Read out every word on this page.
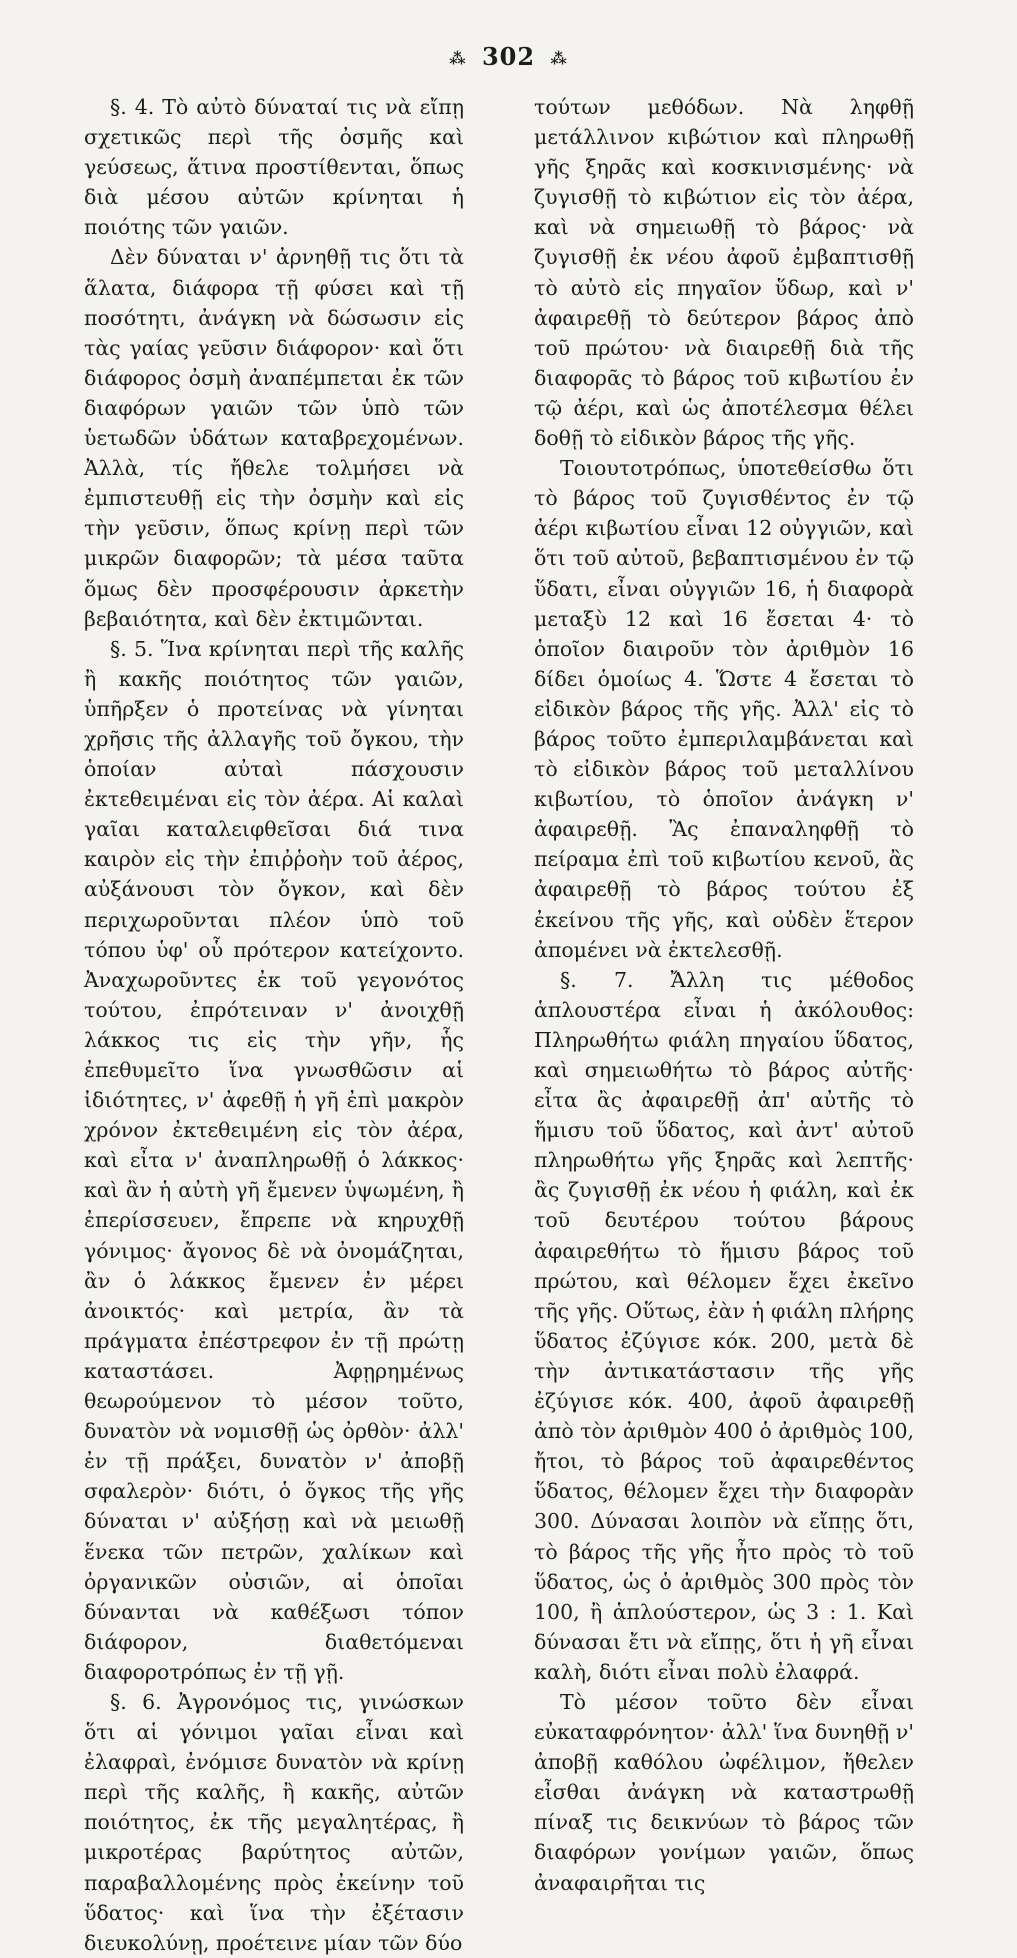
⁂ 302 ⁂

§. 4. Τὸ αὐτὸ δύναταί τις νὰ εἴπῃ σχετικῶς περὶ τῆς ὀσμῆς καὶ γεύσεως, ἅτινα προστίθενται, ὅπως διὰ μέσου αὐτῶν κρίνηται ἡ ποιότης τῶν γαιῶν.

Δὲν δύναται ν' ἀρνηθῇ τις ὅτι τὰ ἅλατα, διάφορα τῇ φύσει καὶ τῇ ποσότητι, ἀνάγκη νὰ δώσωσιν εἰς τὰς γαίας γεῦσιν διάφορον· καὶ ὅτι διάφορος ὀσμὴ ἀναπέμπεται ἐκ τῶν διαφόρων γαιῶν τῶν ὑπὸ τῶν ὑετωδῶν ὑδάτων καταβρεχομένων. Ἀλλὰ, τίς ἤθελε τολμήσει νὰ ἐμπιστευθῇ εἰς τὴν ὀσμὴν καὶ εἰς τὴν γεῦσιν, ὅπως κρίνῃ περὶ τῶν μικρῶν διαφορῶν; τὰ μέσα ταῦτα ὅμως δὲν προσφέρουσιν ἀρκετὴν βεβαιότητα, καὶ δὲν ἐκτιμῶνται.

§. 5. Ἵνα κρίνηται περὶ τῆς καλῆς ἢ κακῆς ποιότητος τῶν γαιῶν, ὑπῆρξεν ὁ προτείνας νὰ γίνηται χρῆσις τῆς ἀλλαγῆς τοῦ ὄγκου, τὴν ὁποίαν αὐταὶ πάσχουσιν ἐκτεθειμέναι εἰς τὸν ἀέρα. Αἱ καλαὶ γαῖαι καταλειφθεῖσαι διά τινα καιρὸν εἰς τὴν ἐπιῤῥοὴν τοῦ ἀέρος, αὐξάνουσι τὸν ὄγκον, καὶ δὲν περιχωροῦνται πλέον ὑπὸ τοῦ τόπου ὑφ' οὗ πρότερον κατείχοντο. Ἀναχωροῦντες ἐκ τοῦ γεγονότος τούτου, ἐπρότειναν ν' ἀνοιχθῇ λάκκος τις εἰς τὴν γῆν, ἧς ἐπεθυμεῖτο ἵνα γνωσθῶσιν αἱ ἰδιότητες, ν' ἀφεθῇ ἡ γῆ ἐπὶ μακρὸν χρόνον ἐκτεθειμένη εἰς τὸν ἀέρα, καὶ εἶτα ν' ἀναπληρωθῇ ὁ λάκκος· καὶ ἂν ἡ αὐτὴ γῆ ἔμενεν ὑψωμένη, ἢ ἐπερίσσευεν, ἔπρεπε νὰ κηρυχθῇ γόνιμος· ἄγονος δὲ νὰ ὀνομάζηται, ἂν ὁ λάκκος ἔμενεν ἐν μέρει ἀνοικτός· καὶ μετρία, ἂν τὰ πράγματα ἐπέστρεφον ἐν τῇ πρώτῃ καταστάσει. Ἀφῃρημένως θεωρούμενον τὸ μέσον τοῦτο, δυνατὸν νὰ νομισθῇ ὡς ὀρθὸν· ἀλλ' ἐν τῇ πράξει, δυνατὸν ν' ἀποβῇ σφαλερὸν· διότι, ὁ ὄγκος τῆς γῆς δύναται ν' αὐξήσῃ καὶ νὰ μειωθῇ ἕνεκα τῶν πετρῶν, χαλίκων καὶ ὀργανικῶν οὐσιῶν, αἱ ὁποῖαι δύνανται νὰ καθέξωσι τόπον διάφορον, διαθετόμεναι διαφοροτρόπως ἐν τῇ γῇ.

§. 6. Ἀγρονόμος τις, γινώσκων ὅτι αἱ γόνιμοι γαῖαι εἶναι καὶ ἐλαφραὶ, ἐνόμισε δυνατὸν νὰ κρίνῃ περὶ τῆς καλῆς, ἢ κακῆς, αὐτῶν ποιότητος, ἐκ τῆς μεγαλητέρας, ἢ μικροτέρας βαρύτητος αὐτῶν, παραβαλλομένης πρὸς ἐκείνην τοῦ ὕδατος· καὶ ἵνα τὴν ἐξέτασιν διευκολύνῃ, προέτεινε μίαν τῶν δύο

τούτων μεθόδων. Νὰ ληφθῇ μετάλλινον κιβώτιον καὶ πληρωθῇ γῆς ξηρᾶς καὶ κοσκινισμένης· νὰ ζυγισθῇ τὸ κιβώτιον εἰς τὸν ἀέρα, καὶ νὰ σημειωθῇ τὸ βάρος· νὰ ζυγισθῇ ἐκ νέου ἀφοῦ ἐμβαπτισθῇ τὸ αὐτὸ εἰς πηγαῖον ὕδωρ, καὶ ν' ἀφαιρεθῇ τὸ δεύτερον βάρος ἀπὸ τοῦ πρώτου· νὰ διαιρεθῇ διὰ τῆς διαφορᾶς τὸ βάρος τοῦ κιβωτίου ἐν τῷ ἀέρι, καὶ ὡς ἀποτέλεσμα θέλει δοθῇ τὸ εἰδικὸν βάρος τῆς γῆς.

Τοιουτοτρόπως, ὑποτεθείσθω ὅτι τὸ βάρος τοῦ ζυγισθέντος ἐν τῷ ἀέρι κιβωτίου εἶναι 12 οὐγγιῶν, καὶ ὅτι τοῦ αὐτοῦ, βεβαπτισμένου ἐν τῷ ὕδατι, εἶναι οὐγγιῶν 16, ἡ διαφορὰ μεταξὺ 12 καὶ 16 ἔσεται 4· τὸ ὁποῖον διαιροῦν τὸν ἀριθμὸν 16 δίδει ὁμοίως 4. Ὥστε 4 ἔσεται τὸ εἰδικὸν βάρος τῆς γῆς. Ἀλλ' εἰς τὸ βάρος τοῦτο ἐμπεριλαμβάνεται καὶ τὸ εἰδικὸν βάρος τοῦ μεταλλίνου κιβωτίου, τὸ ὁποῖον ἀνάγκη ν' ἀφαιρεθῇ. Ἂς ἐπαναληφθῇ τὸ πείραμα ἐπὶ τοῦ κιβωτίου κενοῦ, ἂς ἀφαιρεθῇ τὸ βάρος τούτου ἐξ ἐκείνου τῆς γῆς, καὶ οὐδὲν ἕτερον ἀπομένει νὰ ἐκτελεσθῇ.

§. 7. Ἄλλη τις μέθοδος ἁπλουστέρα εἶναι ἡ ἀκόλουθος: Πληρωθήτω φιάλη πηγαίου ὕδατος, καὶ σημειωθήτω τὸ βάρος αὐτῆς· εἶτα ἂς ἀφαιρεθῇ ἀπ' αὐτῆς τὸ ἥμισυ τοῦ ὕδατος, καὶ ἀντ' αὐτοῦ πληρωθήτω γῆς ξηρᾶς καὶ λεπτῆς· ἂς ζυγισθῇ ἐκ νέου ἡ φιάλη, καὶ ἐκ τοῦ δευτέρου τούτου βάρους ἀφαιρεθήτω τὸ ἥμισυ βάρος τοῦ πρώτου, καὶ θέλομεν ἔχει ἐκεῖνο τῆς γῆς. Οὕτως, ἐὰν ἡ φιάλη πλήρης ὕδατος ἐζύγισε κόκ. 200, μετὰ δὲ τὴν ἀντικατάστασιν τῆς γῆς ἐζύγισε κόκ. 400, ἀφοῦ ἀφαιρεθῇ ἀπὸ τὸν ἀριθμὸν 400 ὁ ἀριθμὸς 100, ἤτοι, τὸ βάρος τοῦ ἀφαιρεθέντος ὕδατος, θέλομεν ἔχει τὴν διαφορὰν 300. Δύνασαι λοιπὸν νὰ εἴπῃς ὅτι, τὸ βάρος τῆς γῆς ἦτο πρὸς τὸ τοῦ ὕδατος, ὡς ὁ ἀριθμὸς 300 πρὸς τὸν 100, ἢ ἁπλούστερον, ὡς 3 : 1. Καὶ δύνασαι ἔτι νὰ εἴπῃς, ὅτι ἡ γῆ εἶναι καλὴ, διότι εἶναι πολὺ ἐλαφρά.

Τὸ μέσον τοῦτο δὲν εἶναι εὐκαταφρόνητον· ἀλλ' ἵνα δυνηθῇ ν' ἀποβῇ καθόλου ὠφέλιμον, ἤθελεν εἶσθαι ἀνάγκη νὰ καταστρωθῇ πίναξ τις δεικνύων τὸ βάρος τῶν διαφόρων γονίμων γαιῶν, ὅπως ἀναφαιρῆται τις
